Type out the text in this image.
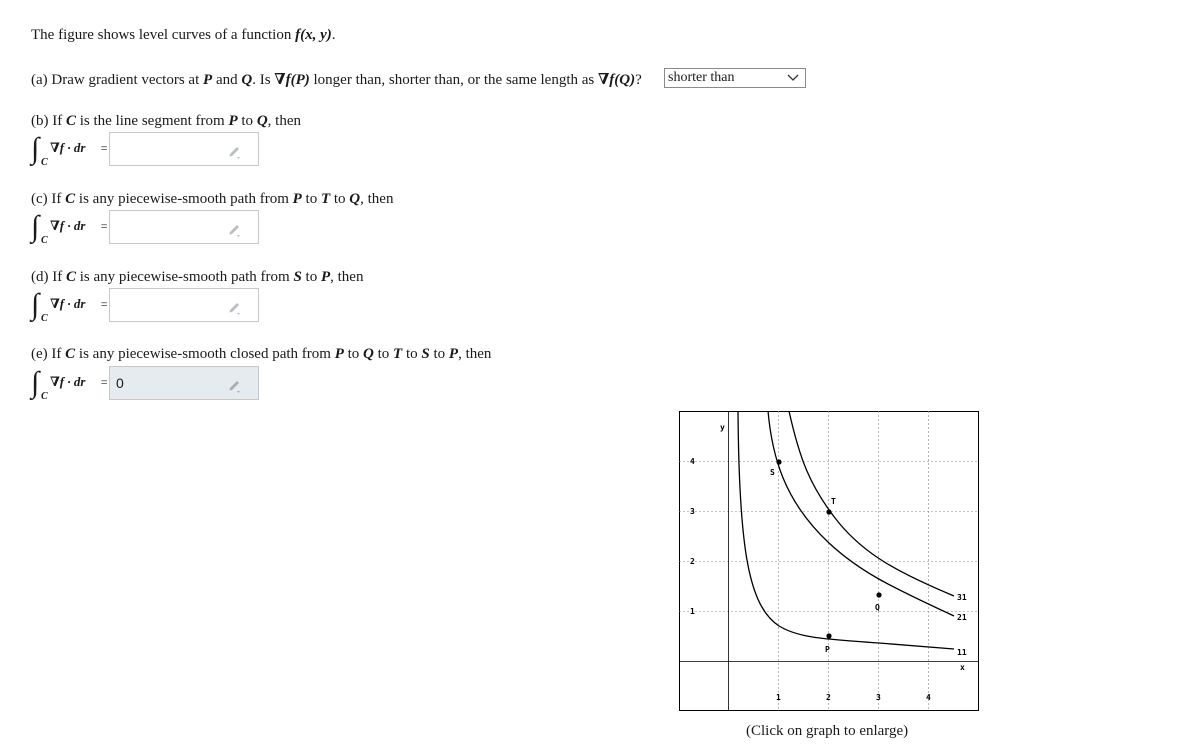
The figure shows level curves of a function f(x, y).
(a) Draw gradient vectors at P and Q. Is ∇f(P) longer than, shorter than, or the same length as ∇f(Q)? shorter than
(b) If C is the line segment from P to Q, then
∫ C
∇f · dr⃗ =
(c) If C is any piecewise-smooth path from P to T to Q, then
∫ C
∇f · dr⃗ =
(d) If C is any piecewise-smooth path from S to P, then
∫ C
∇f · dr⃗ =
(e) If C is any piecewise-smooth closed path from P to Q to T to S to P, then
∫ C
∇f · dr⃗ = 0
S
T
Q
P
31
21
11
y
x
1	2	3	4
1
2
3
4
(Click on graph to enlarge)
